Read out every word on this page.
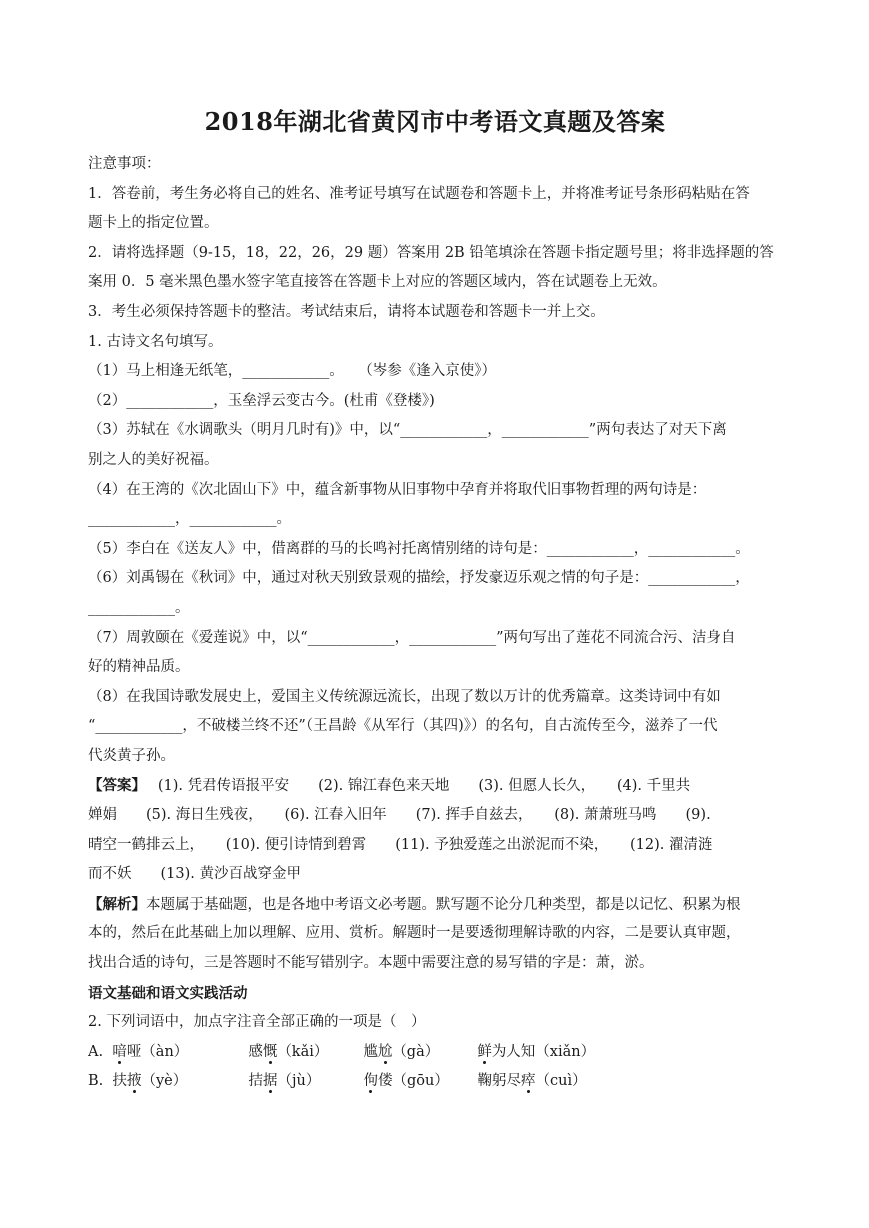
2018年湖北省黄冈市中考语文真题及答案
注意事项：
1．答卷前，考生务必将自己的姓名、准考证号填写在试题卷和答题卡上，并将准考证号条形码粘贴在答
题卡上的指定位置。
2．请将选择题（9-15，18，22，26，29 题）答案用 2B 铅笔填涂在答题卡指定题号里；将非选择题的答
案用 0．5 毫米黑色墨水签字笔直接答在答题卡上对应的答题区域内，答在试题卷上无效。
3．考生必须保持答题卡的整洁。考试结束后，请将本试题卷和答题卡一并上交。
1. 古诗文名句填写。
（1）马上相逢无纸笔，____________。　　（岑参《逢入京使》）
（2）____________，玉垒浮云变古今。(杜甫《登楼》)
（3）苏轼在《水调歌头（明月几时有)》中，以“____________，____________”两句表达了对天下离
别之人的美好祝福。
（4）在王湾的《次北固山下》中，蕴含新事物从旧事物中孕育并将取代旧事物哲理的两句诗是：
____________，____________。
（5）李白在《送友人》中，借离群的马的长鸣衬托离情别绪的诗句是：____________，____________。
（6）刘禹锡在《秋词》中，通过对秋天别致景观的描绘，抒发豪迈乐观之情的句子是：____________，
____________。
（7）周敦颐在《爱莲说》中，以“____________，____________”两句写出了莲花不同流合污、洁身自
好的精神品质。
（8）在我国诗歌发展史上，爱国主义传统源远流长，出现了数以万计的优秀篇章。这类诗词中有如
“____________，不破楼兰终不还”（王昌龄《从军行（其四)》）的名句，自古流传至今，滋养了一代
代炎黄子孙。
【答案】　 (1). 凭君传语报平安　　(2). 锦江春色来天地　　(3). 但愿人长久，　　(4). 千里共
婵娟　　(5). 海日生残夜，　　(6). 江春入旧年　　(7). 挥手自兹去，　　(8). 萧萧班马鸣　　(9).
晴空一鹤排云上，　　(10). 便引诗情到碧霄　　(11). 予独爱莲之出淤泥而不染，　　(12). 濯清涟
而不妖　　(13). 黄沙百战穿金甲
【解析】本题属于基础题，也是各地中考语文必考题。默写题不论分几种类型，都是以记忆、积累为根
本的，然后在此基础上加以理解、应用、赏析。解题时一是要透彻理解诗歌的内容，二是要认真审题，
找出合适的诗句，三是答题时不能写错别字。本题中需要注意的易写错的字是：萧，淤。
语文基础和语文实践活动
2. 下列词语中，加点字注音全部正确的一项是（　）
A. 喑哑（àn）	感慨（kǎi） 尴尬（gà）	鲜为人知（xiǎn）
B. 扶掖（yè）	拮据（jù）	佝偻（gōu） 鞠躬尽瘁（cuì）
